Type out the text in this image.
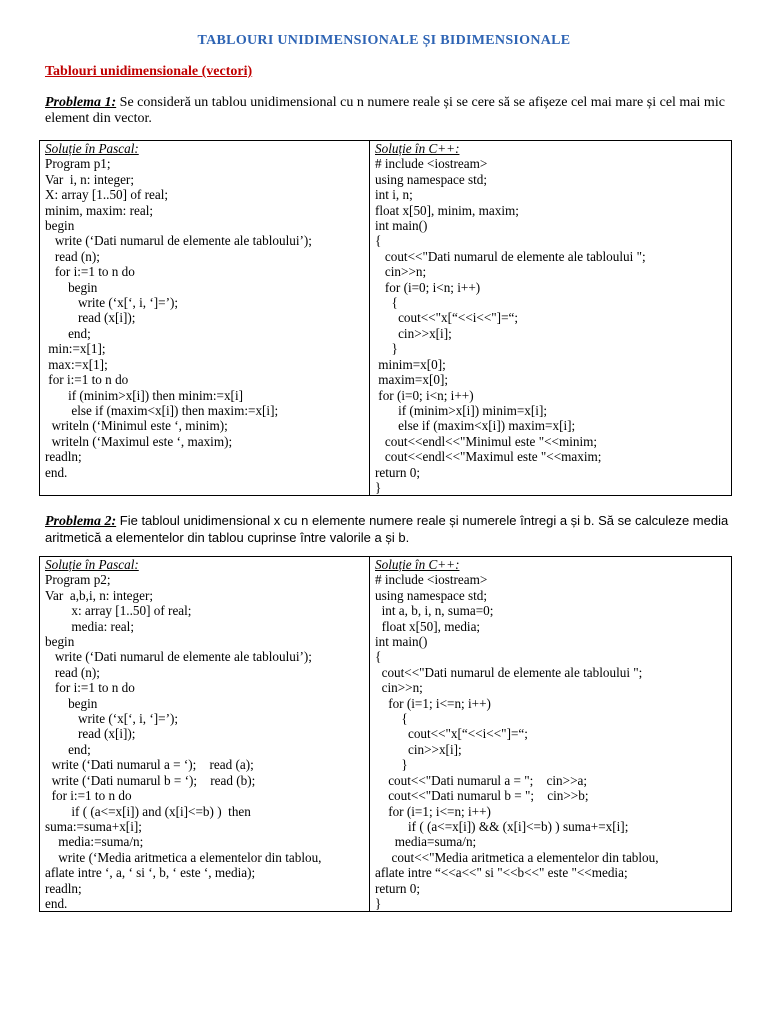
TABLOURI UNIDIMENSIONALE ȘI BIDIMENSIONALE
Tablouri unidimensionale (vectori)
Problema 1: Se consideră un tablou unidimensional cu n numere reale și se cere să se afișeze cel mai mare și cel mai mic element din vector.
Soluție în Pascal:
Program p1;
Var  i, n: integer;
X: array [1..50] of real;
minim, maxim: real;
begin
write (‘Dati numarul de elemente ale tabloului’);
read (n);
for i:=1 to n do
begin
write (‘x[‘, i, ‘]=’);
read (x[i]);
end;
min:=x[1];
max:=x[1];
for i:=1 to n do
if (minim>x[i]) then minim:=x[i]
else if (maxim<x[i]) then maxim:=x[i];
writeln (‘Minimul este ‘, minim);
writeln (‘Maximul este ‘, maxim);
readln;
end.

Soluție în C++:
# include <iostream>
using namespace std;
int i, n;
float x[50], minim, maxim;
int main()
{
cout<<"Dati numarul de elemente ale tabloului ";
cin>>n;
for (i=0; i<n; i++)
{
cout<<"x[“<<i<<"]=“;
cin>>x[i];
}
minim=x[0];
maxim=x[0];
for (i=0; i<n; i++)
if (minim>x[i]) minim=x[i];
else if (maxim<x[i]) maxim=x[i];
cout<<endl<<"Minimul este "<<minim;
cout<<endl<<"Maximul este "<<maxim;
return 0;
}
Problema 2: Fie tabloul unidimensional x cu n elemente numere reale și numerele întregi a și b. Să se calculeze media aritmetică a elementelor din tablou cuprinse între valorile a și b.
Soluție în Pascal:
Program p2;
Var  a,b,i, n: integer;
x: array [1..50] of real;
media: real;
begin
write (‘Dati numarul de elemente ale tabloului’);
read (n);
for i:=1 to n do
begin
write (‘x[‘, i, ‘]=’);
read (x[i]);
end;
write (‘Dati numarul a = ‘);    read (a);
write (‘Dati numarul b = ‘);    read (b);
for i:=1 to n do
if ( (a<=x[i]) and (x[i]<=b) )  then
suma:=suma+x[i];
media:=suma/n;
write (‘Media aritmetica a elementelor din tablou,
aflate intre ‘, a, ‘ si ‘, b, ‘ este ‘, media);
readln;
end.

Soluție în C++:
# include <iostream>
using namespace std;
int a, b, i, n, suma=0;
float x[50], media;
int main()
{
cout<<"Dati numarul de elemente ale tabloului ";
cin>>n;
for (i=1; i<=n; i++)
{
cout<<"x[“<<i<<"]=“;
cin>>x[i];
}
cout<<"Dati numarul a = ";    cin>>a;
cout<<"Dati numarul b = ";    cin>>b;
for (i=1; i<=n; i++)
if ( (a<=x[i]) && (x[i]<=b) ) suma+=x[i];
media=suma/n;
cout<<"Media aritmetica a elementelor din tablou,
aflate intre “<<a<<" si "<<b<<" este "<<media;
return 0;
}
